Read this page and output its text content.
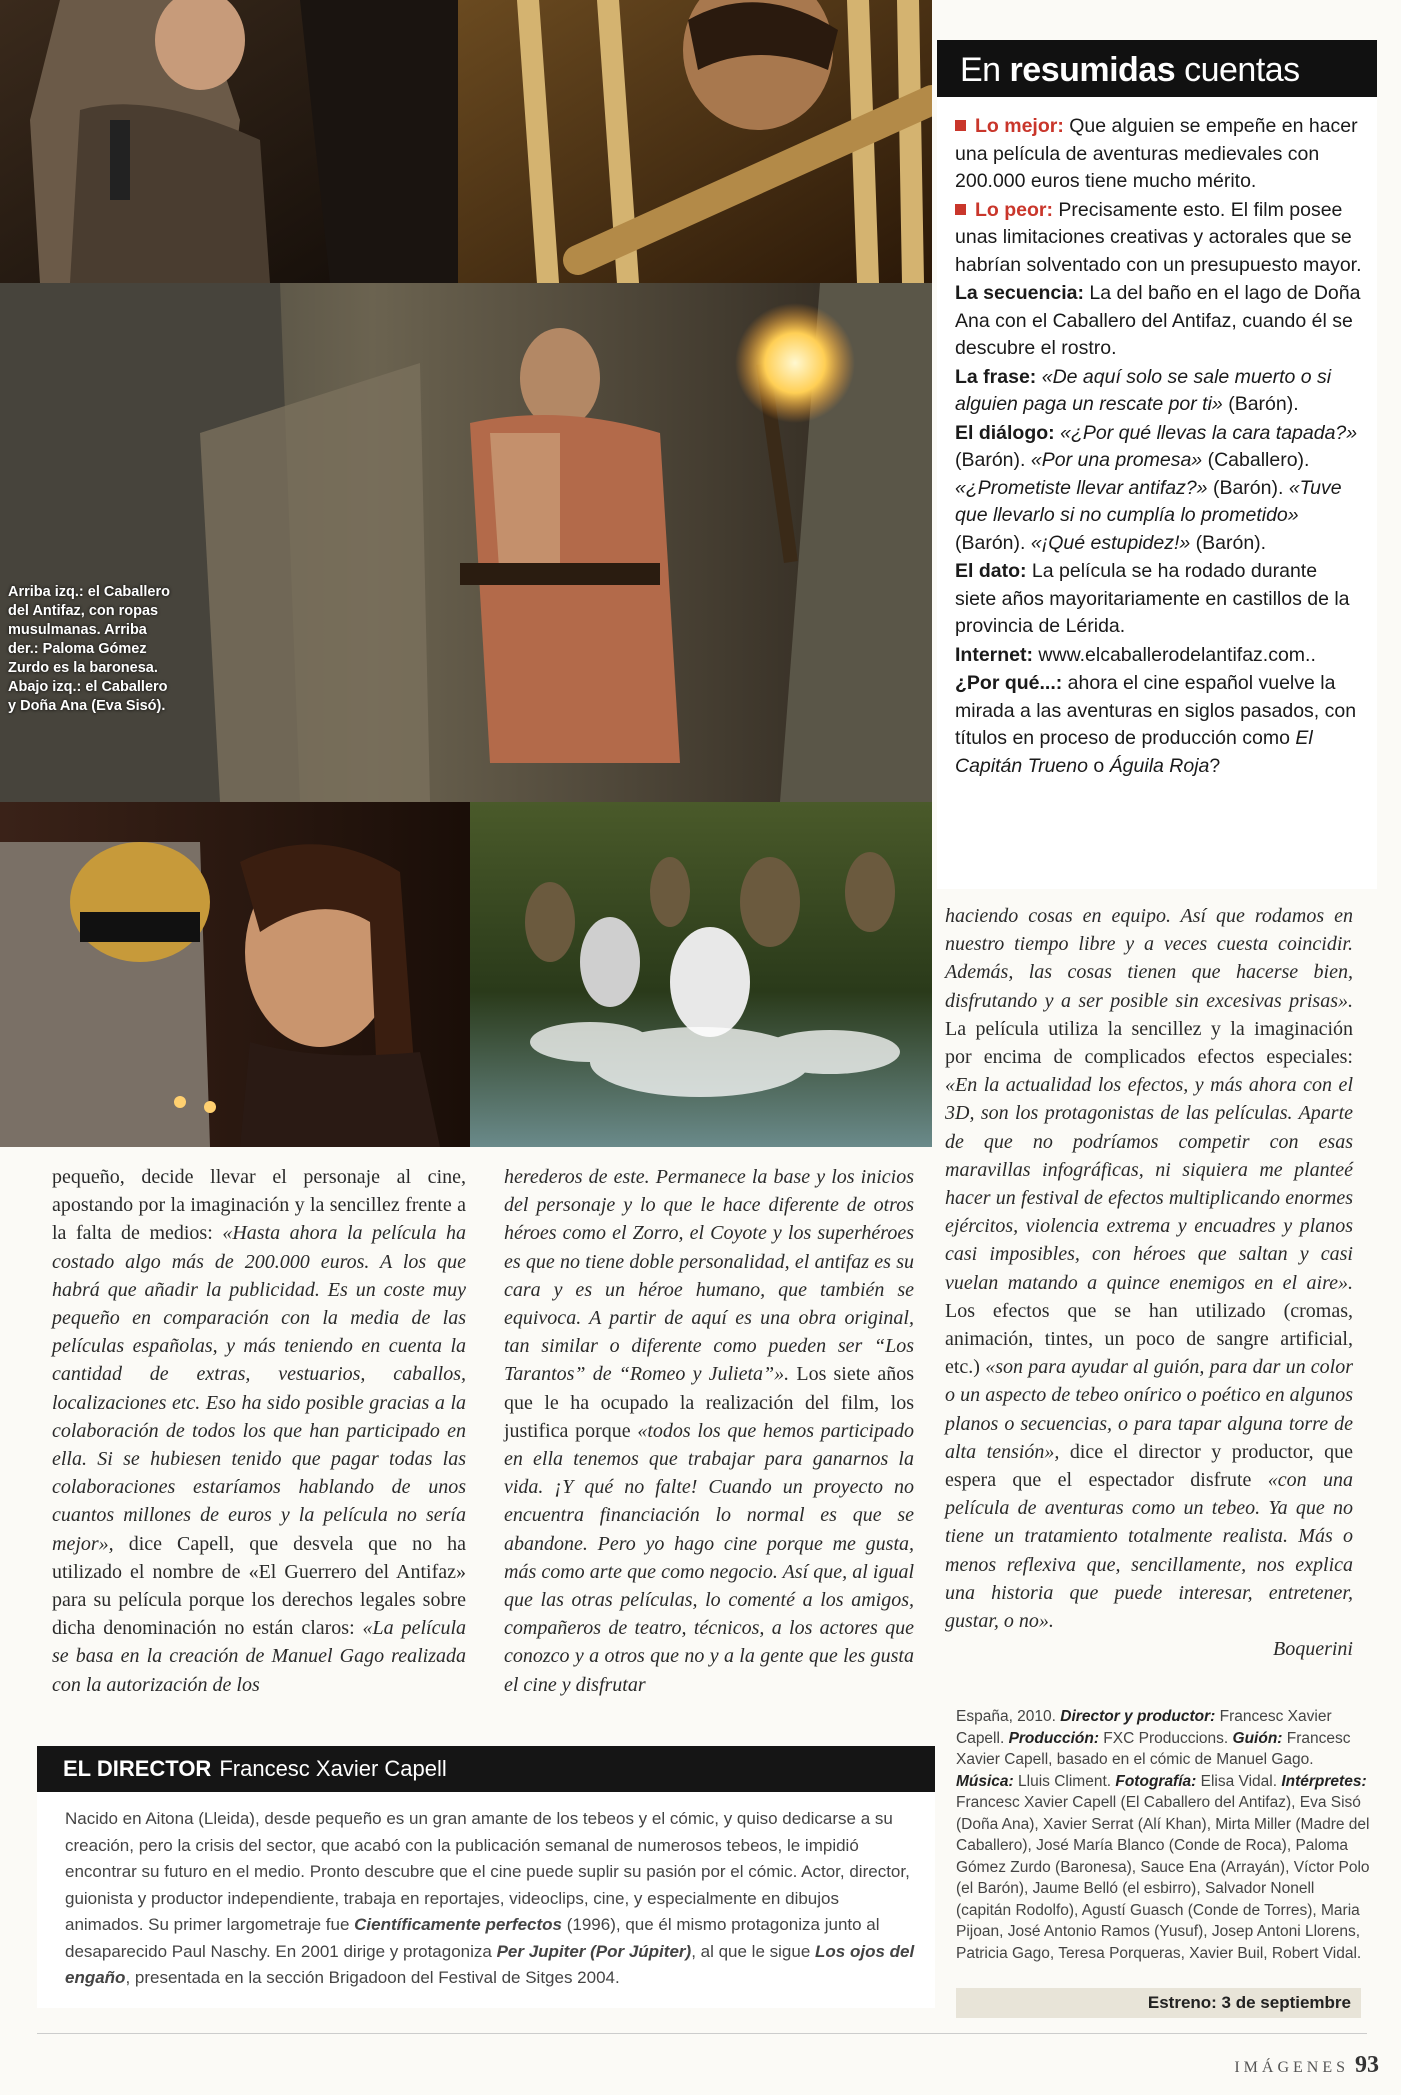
Arriba izq.: el Caballero del Antifaz, con ropas musulmanas. Arriba der.: Paloma Gómez Zurdo es la baronesa. Abajo izq.: el Caballero y Doña Ana (Eva Sisó).
En resumidas cuentas

Lo mejor: Que alguien se empeñe en hacer una película de aventuras medievales con 200.000 euros tiene mucho mérito.

Lo peor: Precisamente esto. El film posee unas limitaciones creativas y actorales que se habrían solventado con un presupuesto mayor.

La secuencia: La del baño en el lago de Doña Ana con el Caballero del Antifaz, cuando él se descubre el rostro.

La frase: «De aquí solo se sale muerto o si alguien paga un rescate por ti» (Barón).

El diálogo: «¿Por qué llevas la cara tapada?» (Barón). «Por una promesa» (Caballero). «¿Prometiste llevar antifaz?» (Barón). «Tuve que llevarlo si no cumplía lo prometido» (Barón). «¡Qué estupidez!» (Barón).

El dato: La película se ha rodado durante siete años mayoritariamente en castillos de la provincia de Lérida.

Internet: www.elcaballerodelantifaz.com..

¿Por qué...: ahora el cine español vuelve la mirada a las aventuras en siglos pasados, con títulos en proceso de producción como El Capitán Trueno o Águila Roja?

pequeño, decide llevar el personaje al cine, apostando por la imaginación y la sencillez frente a la falta de medios: «Hasta ahora la película ha costado algo más de 200.000 euros. A los que habrá que añadir la publicidad. Es un coste muy pequeño en comparación con la media de las películas españolas, y más teniendo en cuenta la cantidad de extras, vestuarios, caballos, localizaciones etc. Eso ha sido posible gracias a la colaboración de todos los que han participado en ella. Si se hubiesen tenido que pagar todas las colaboraciones estaríamos hablando de unos cuantos millones de euros y la película no sería mejor», dice Capell, que desvela que no ha utilizado el nombre de «El Guerrero del Antifaz» para su película porque los derechos legales sobre dicha denominación no están claros: «La película se basa en la creación de Manuel Gago realizada con la autorización de los

herederos de este. Permanece la base y los inicios del personaje y lo que le hace diferente de otros héroes como el Zorro, el Coyote y los superhéroes es que no tiene doble personalidad, el antifaz es su cara y es un héroe humano, que también se equivoca. A partir de aquí es una obra original, tan similar o diferente como pueden ser “Los Tarantos” de “Romeo y Julieta”». Los siete años que le ha ocupado la realización del film, los justifica porque «todos los que hemos participado en ella tenemos que trabajar para ganarnos la vida. ¡Y qué no falte! Cuando un proyecto no encuentra financiación lo normal es que se abandone. Pero yo hago cine porque me gusta, más como arte que como negocio. Así que, al igual que las otras películas, lo comenté a los amigos, compañeros de teatro, técnicos, a los actores que conozco y a otros que no y a la gente que les gusta el cine y disfrutar

haciendo cosas en equipo. Así que rodamos en nuestro tiempo libre y a veces cuesta coincidir. Además, las cosas tienen que hacerse bien, disfrutando y a ser posible sin excesivas prisas». La película utiliza la sencillez y la imaginación por encima de complicados efectos especiales: «En la actualidad los efectos, y más ahora con el 3D, son los protagonistas de las películas. Aparte de que no podríamos competir con esas maravillas infográficas, ni siquiera me planteé hacer un festival de efectos multiplicando enormes ejércitos, violencia extrema y encuadres y planos casi imposibles, con héroes que saltan y casi vuelan matando a quince enemigos en el aire». Los efectos que se han utilizado (cromas, animación, tintes, un poco de sangre artificial, etc.) «son para ayudar al guión, para dar un color o un aspecto de tebeo onírico o poético en algunos planos o secuencias, o para tapar alguna torre de alta tensión», dice el director y productor, que espera que el espectador disfrute «con una película de aventuras como un tebeo. Ya que no tiene un tratamiento totalmente realista. Más o menos reflexiva que, sencillamente, nos explica una historia que puede interesar, entretener, gustar, o no».

Boquerini
EL DIRECTOR Francesc Xavier Capell
Nacido en Aitona (Lleida), desde pequeño es un gran amante de los tebeos y el cómic, y quiso dedicarse a su creación, pero la crisis del sector, que acabó con la publicación semanal de numerosos tebeos, le impidió encontrar su futuro en el medio. Pronto descubre que el cine puede suplir su pasión por el cómic. Actor, director, guionista y productor independiente, trabaja en reportajes, videoclips, cine, y especialmente en dibujos animados. Su primer largometraje fue Científicamente perfectos (1996), que él mismo protagoniza junto al desaparecido Paul Naschy. En 2001 dirige y protagoniza Per Jupiter (Por Júpiter), al que le sigue Los ojos del engaño, presentada en la sección Brigadoon del Festival de Sitges 2004.
España, 2010. Director y productor: Francesc Xavier Capell. Producción: FXC Produccions. Guión: Francesc Xavier Capell, basado en el cómic de Manuel Gago. Música: Lluis Climent. Fotografía: Elisa Vidal. Intérpretes: Francesc Xavier Capell (El Caballero del Antifaz), Eva Sisó (Doña Ana), Xavier Serrat (Alí Khan), Mirta Miller (Madre del Caballero), José María Blanco (Conde de Roca), Paloma Gómez Zurdo (Baronesa), Sauce Ena (Arrayán), Víctor Polo (el Barón), Jaume Belló (el esbirro), Salvador Nonell (capitán Rodolfo), Agustí Guasch (Conde de Torres), Maria Pijoan, José Antonio Ramos (Yusuf), Josep Antoni Llorens, Patricia Gago, Teresa Porqueras, Xavier Buil, Robert Vidal.
Estreno: 3 de septiembre
IMÁGENES 93
